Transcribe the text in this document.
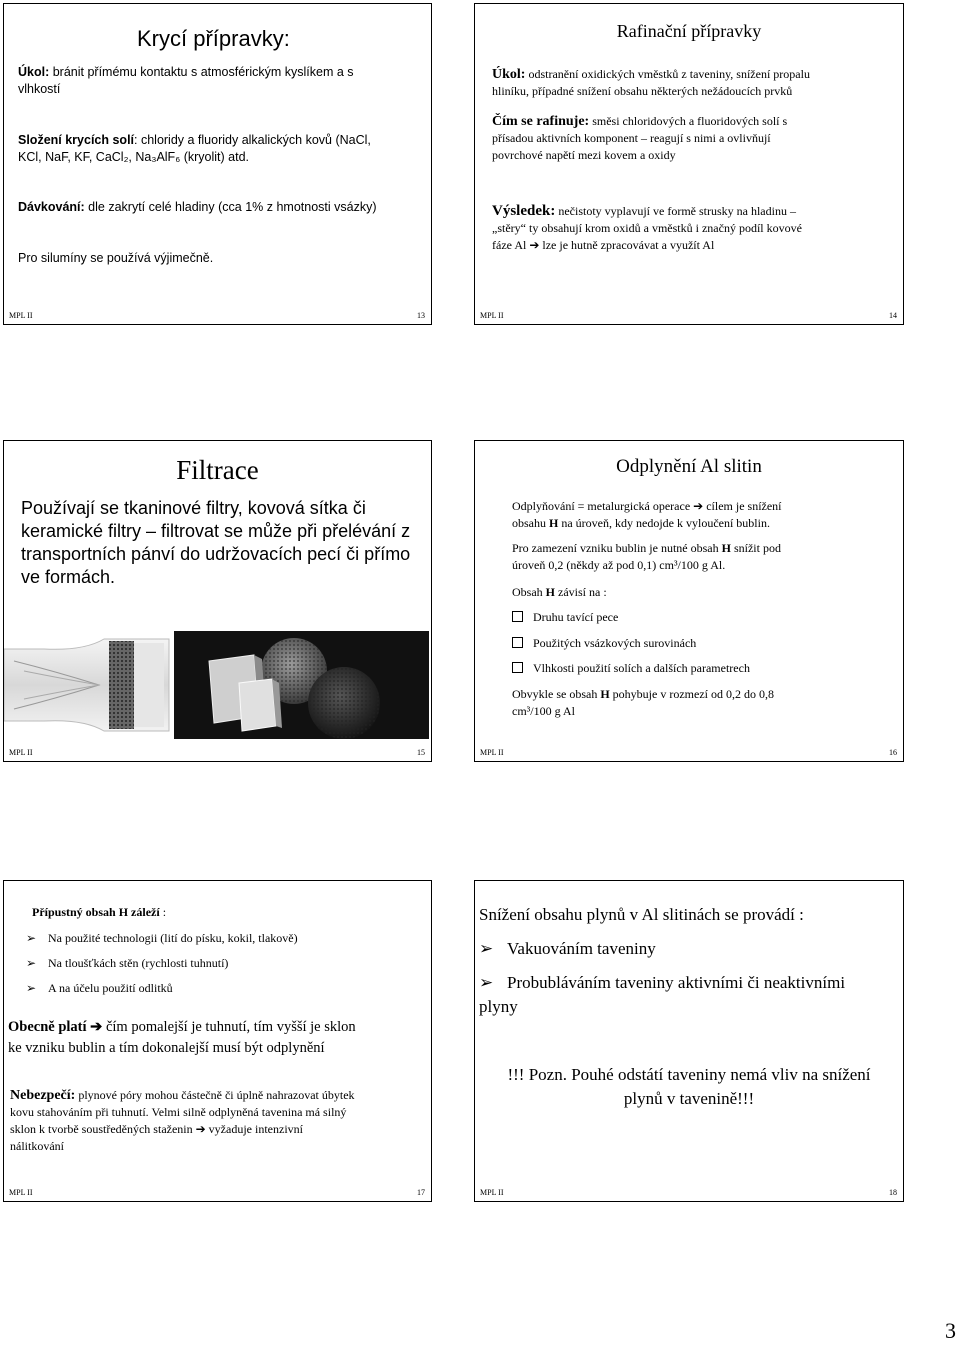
Krycí přípravky:
Úkol: bránit přímému kontaktu s atmosférickým kyslíkem a s
vlhkostí
Složení krycích solí: chloridy a fluoridy alkalických kovů (NaCl,
KCl, NaF, KF, CaCl₂, Na₃AlF₆ (kryolit) atd.
Dávkování: dle zakrytí celé hladiny (cca 1% z hmotnosti vsázky)
Pro silumíny se používá výjimečně.
MPL II	13
Rafinační přípravky
Úkol: odstranění oxidických vměstků z taveniny, snížení propalu
hliníku, případné snížení obsahu některých nežádoucích prvků
Čím se rafinuje: směsi chloridových a fluoridových solí s
přísadou aktivních komponent – reagují s nimi a ovlivňují
povrchové napětí mezi kovem a oxidy
Výsledek: nečistoty vyplavují ve formě strusky na hladinu –
„stěry“ ty obsahují krom oxidů a vměstků i značný podíl kovové
fáze Al ➔ lze je hutně zpracovávat a využít Al
MPL II	14
Filtrace
Používají se tkaninové filtry, kovová sítka či keramické filtry – filtrovat se může při přelévání z transportních pánví do udržovacích pecí či přímo ve formách.
MPL II	15
Odplynění Al slitin
Odplyňování = metalurgická operace ➔ cílem je snížení
obsahu H na úroveň, kdy nedojde k vyloučení bublin.
Pro zamezení vzniku bublin je nutné obsah H snížit pod
úroveň 0,2 (někdy až pod 0,1) cm³/100 g Al.
Obsah H závisí na :
Druhu tavící pece
Použitých vsázkových surovinách
Vlhkosti použití solích a dalších parametrech
Obvykle se obsah H pohybuje v rozmezí od 0,2 do 0,8
cm³/100 g Al
MPL II	16
Přípustný obsah H záleží :
➢ Na použité technologii (lití do písku, kokil, tlakově)
➢ Na tloušťkách stěn (rychlosti tuhnutí)
➢ A na účelu použití odlitků
Obecně platí ➔ čím pomalejší je tuhnutí, tím vyšší je sklon
ke vzniku bublin a tím dokonalejší musí být odplynění
Nebezpečí: plynové póry mohou částečně či úplně nahrazovat úbytek
kovu stahováním při tuhnutí. Velmi silně odplyněná tavenina má silný
sklon k tvorbě soustředěných staženin ➔ vyžaduje intenzivní
nálitkování
MPL II	17
Snížení obsahu plynů v Al slitinách se provádí :
➢ Vakuováním taveniny
➢ Probubláváním taveniny aktivními či neaktivními
plyny
!!! Pozn. Pouhé odstátí taveniny nemá vliv na snížení
plynů v tavenině!!!
MPL II	18
3
